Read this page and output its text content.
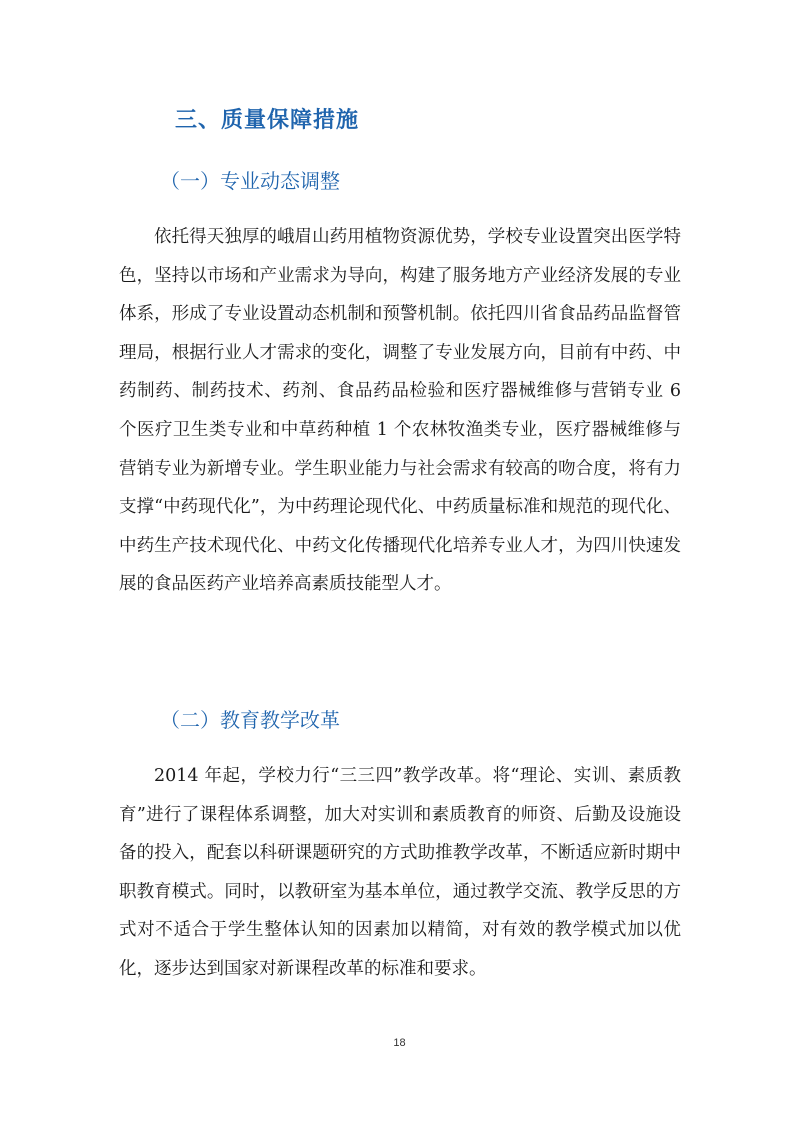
三、质量保障措施
（一）专业动态调整

依托得天独厚的峨眉山药用植物资源优势，学校专业设置突出医学特色，坚持以市场和产业需求为导向，构建了服务地方产业经济发展的专业体系，形成了专业设置动态机制和预警机制。依托四川省食品药品监督管理局，根据行业人才需求的变化，调整了专业发展方向，目前有中药、中药制药、制药技术、药剂、食品药品检验和医疗器械维修与营销专业 6 个医疗卫生类专业和中草药种植 1 个农林牧渔类专业，医疗器械维修与营销专业为新增专业。学生职业能力与社会需求有较高的吻合度，将有力支撑“中药现代化”，为中药理论现代化、中药质量标准和规范的现代化、中药生产技术现代化、中药文化传播现代化培养专业人才，为四川快速发展的食品医药产业培养高素质技能型人才。

（二）教育教学改革

2014 年起，学校力行“三三四”教学改革。将“理论、实训、素质教育”进行了课程体系调整，加大对实训和素质教育的师资、后勤及设施设备的投入，配套以科研课题研究的方式助推教学改革，不断适应新时期中职教育模式。同时，以教研室为基本单位，通过教学交流、教学反思的方式对不适合于学生整体认知的因素加以精简，对有效的教学模式加以优化，逐步达到国家对新课程改革的标准和要求。

18
